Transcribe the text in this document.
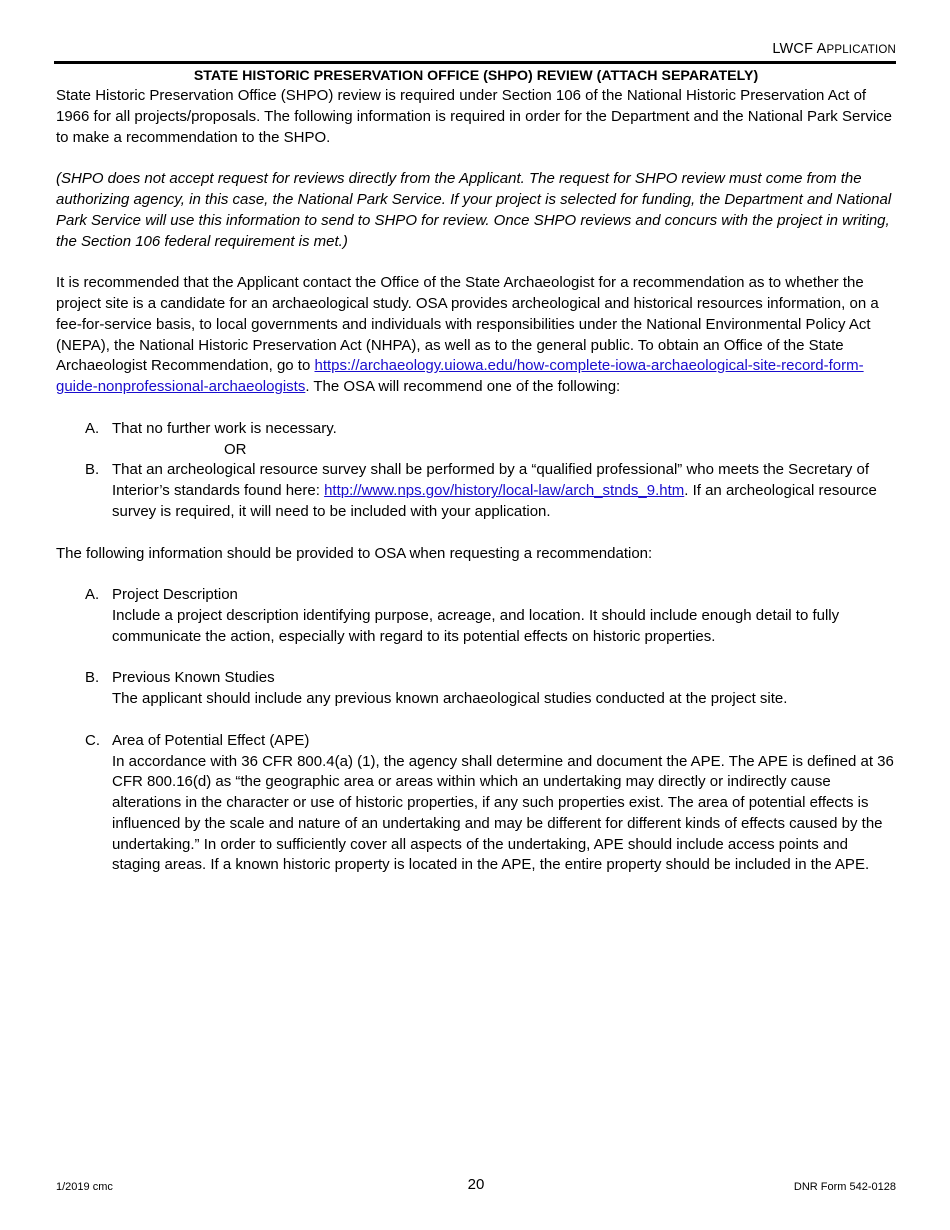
LWCF APPLICATION

STATE HISTORIC PRESERVATION OFFICE (SHPO) REVIEW (ATTACH SEPARATELY)

State Historic Preservation Office (SHPO) review is required under Section 106 of the National Historic Preservation Act of 1966 for all projects/proposals. The following information is required in order for the Department and the National Park Service to make a recommendation to the SHPO.

(SHPO does not accept request for reviews directly from the Applicant. The request for SHPO review must come from the authorizing agency, in this case, the National Park Service. If your project is selected for funding, the Department and National Park Service will use this information to send to SHPO for review. Once SHPO reviews and concurs with the project in writing, the Section 106 federal requirement is met.)

It is recommended that the Applicant contact the Office of the State Archaeologist for a recommendation as to whether the project site is a candidate for an archaeological study. OSA provides archeological and historical resources information, on a fee-for-service basis, to local governments and individuals with responsibilities under the National Environmental Policy Act (NEPA), the National Historic Preservation Act (NHPA), as well as to the general public. To obtain an Office of the State Archaeologist Recommendation, go to https://archaeology.uiowa.edu/how-complete-iowa-archaeological-site-record-form-guide-nonprofessional-archaeologists. The OSA will recommend one of the following:

A. That no further work is necessary.
OR
B. That an archeological resource survey shall be performed by a “qualified professional” who meets the Secretary of Interior’s standards found here: http://www.nps.gov/history/local-law/arch_stnds_9.htm. If an archeological resource survey is required, it will need to be included with your application.

The following information should be provided to OSA when requesting a recommendation:

A. Project Description
Include a project description identifying purpose, acreage, and location. It should include enough detail to fully communicate the action, especially with regard to its potential effects on historic properties.
B. Previous Known Studies
The applicant should include any previous known archaeological studies conducted at the project site.
C. Area of Potential Effect (APE)
In accordance with 36 CFR 800.4(a) (1), the agency shall determine and document the APE. The APE is defined at 36 CFR 800.16(d) as “the geographic area or areas within which an undertaking may directly or indirectly cause alterations in the character or use of historic properties, if any such properties exist. The area of potential effects is influenced by the scale and nature of an undertaking and may be different for different kinds of effects caused by the undertaking.” In order to sufficiently cover all aspects of the undertaking, APE should include access points and staging areas. If a known historic property is located in the APE, the entire property should be included in the APE.
1/2019 cmc	20	DNR Form 542-0128
